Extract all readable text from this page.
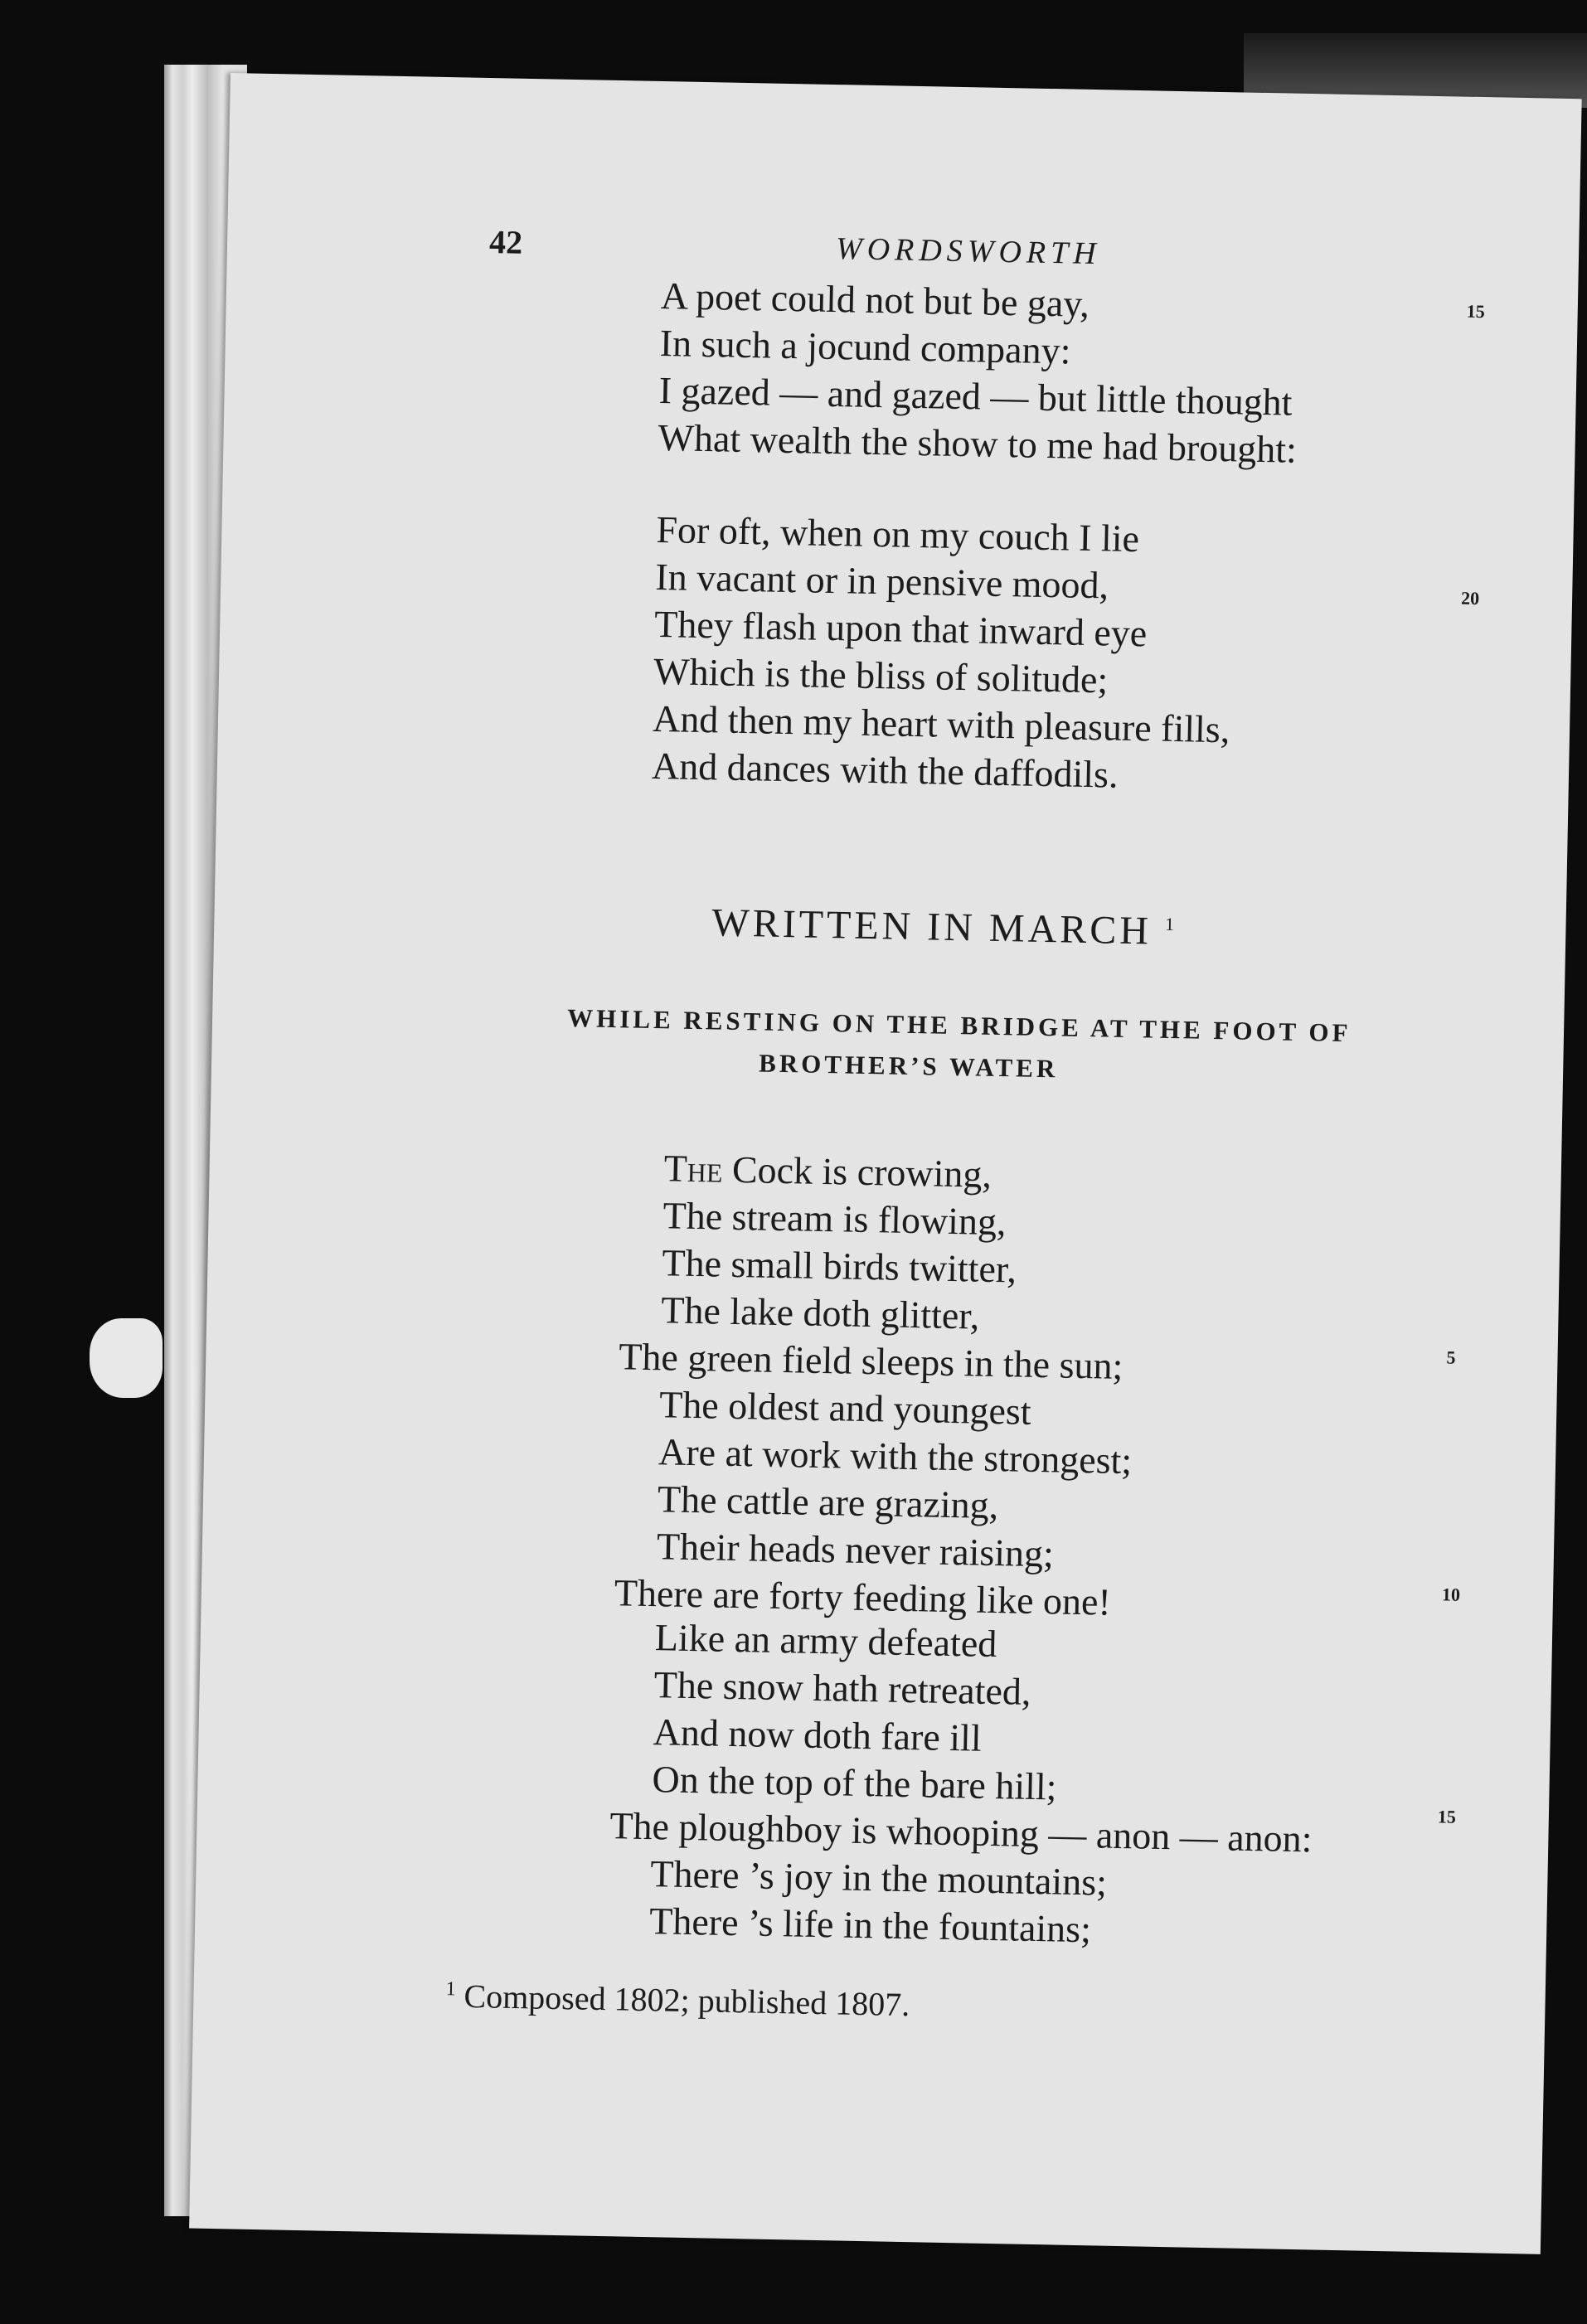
42	WORDSWORTH
A poet could not but be gay,
In such a jocund company:
I gazed — and gazed — but little thought
What wealth the show to me had brought:
15
For oft, when on my couch I lie
In vacant or in pensive mood,
They flash upon that inward eye
Which is the bliss of solitude;
And then my heart with pleasure fills,
And dances with the daffodils.
20
WRITTEN IN MARCH $^1$
WHILE RESTING ON THE BRIDGE AT THE FOOT OF
BROTHER’S WATER
The Cock is crowing,
The stream is flowing,
The small birds twitter,
The lake doth glitter,
The green field sleeps in the sun;
The oldest and youngest
Are at work with the strongest;
The cattle are grazing,
Their heads never raising;
There are forty feeding like one!
5
10
Like an army defeated
The snow hath retreated,
And now doth fare ill
On the top of the bare hill;
The ploughboy is whooping — anon — anon:
There ’s joy in the mountains;
There ’s life in the fountains;
15
$^1$ Composed 1802; published 1807.
